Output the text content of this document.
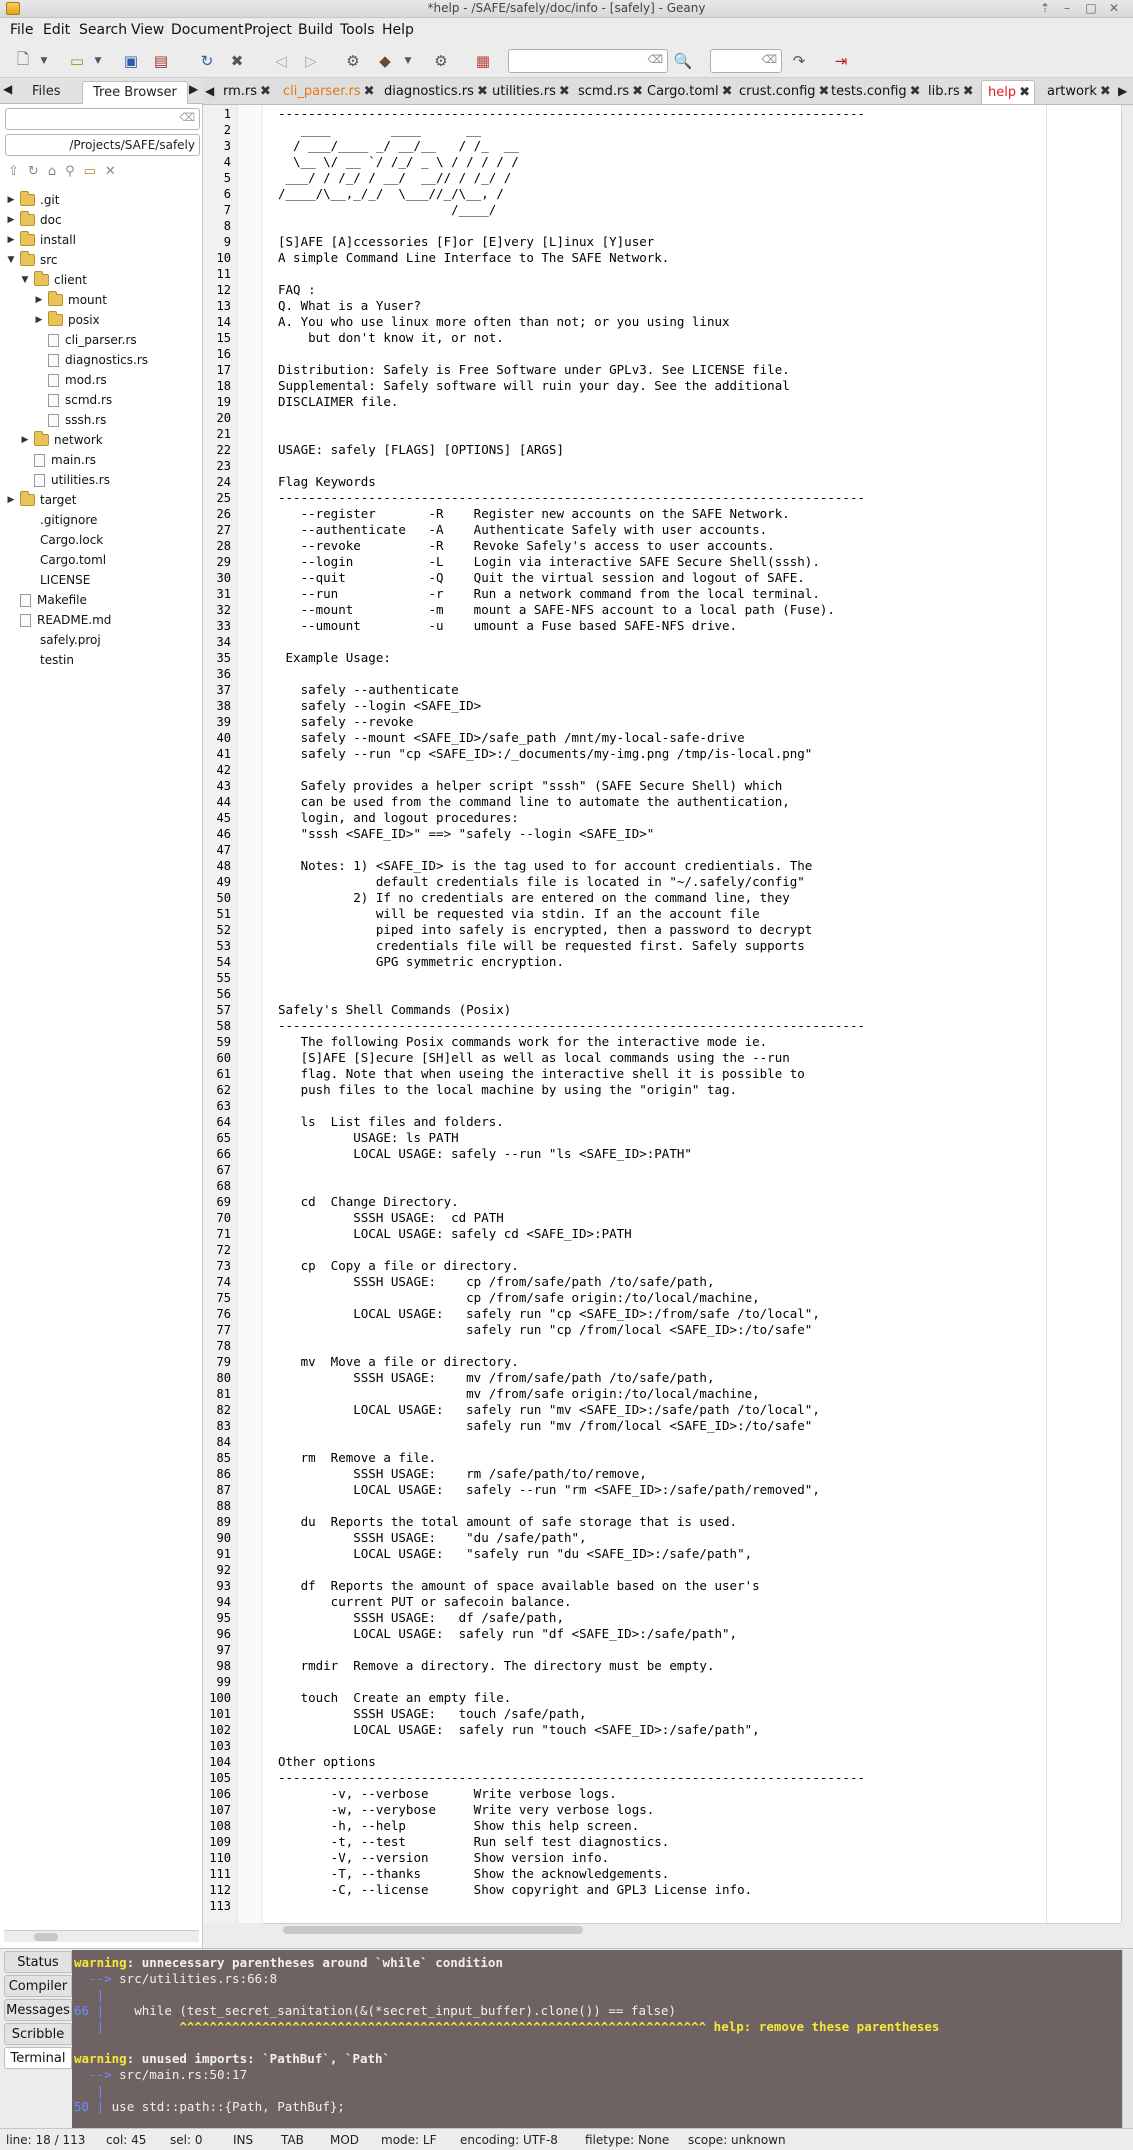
*help - /SAFE/safely/doc/info - [safely] - Geany	⇡	–	□	✕
File Edit Search View Document Project Build Tools Help
🗋	▼ ▭	▼ ▣ ▤	↻	✖	◁	▷	⚙	◆	▼ ⚙ ▦	⌫ 🔍	⌫	↷	⇥
◀	Files	Tree Browser	▶
⌫
/Projects/SAFE/safely
⇧↻⌂⚲▭✕
▶ .git
▶ doc
▶ install
▼ src
▼ client
▶ mount
▶ posix
cli_parser.rs
diagnostics.rs
mod.rs
scmd.rs
sssh.rs
▶ network
main.rs
utilities.rs
▶ target
.gitignore
Cargo.lock
Cargo.toml
LICENSE
Makefile
README.md
safely.proj
testin
◀ rm.rs ✖ cli_parser.rs ✖ diagnostics.rs ✖ utilities.rs ✖ scmd.rs ✖ Cargo.toml ✖ crust.config ✖ tests.config ✖ lib.rs ✖	help ✖	artwork ✖ ▶
1
2
3
4
5
6
7
8
9
10
11
12
13
14
15
16
17
18
19
20
21
22
23
24
25
26
27
28
29
30
31
32
33
34
35
36
37
38
39
40
41
42
43
44
45
46
47
48
49
50
51
52
53
54
55
56
57
58
59
60
61
62
63
64
65
66
67
68
69
70
71
72
73
74
75
76
77
78
79
80
81
82
83
84
85
86
87
88
89
90
91
92
93
94
95
96
97
98
99
100
101
102
103
104
105
106
107
108
109
110
111
112
113
------------------------------------------------------------------------------
____        ____      __
/ ___/____ _/ __/__   / /_  __
\__ \/ __ `/ /_/ _ \ / / / / /
___/ / /_/ / __/  __// / /_/ /
/____/\__,_/_/  \___//_/\__, /
/____/
[S]AFE [A]ccessories [F]or [E]very [L]inux [Y]user
A simple Command Line Interface to The SAFE Network.
FAQ :
Q. What is a Yuser?
A. You who use linux more often than not; or you using linux
but don't know it, or not.
Distribution: Safely is Free Software under GPLv3. See LICENSE file.
Supplemental: Safely software will ruin your day. See the additional
DISCLAIMER file.
USAGE: safely [FLAGS] [OPTIONS] [ARGS]
Flag Keywords
------------------------------------------------------------------------------
--register       -R    Register new accounts on the SAFE Network.
--authenticate   -A    Authenticate Safely with user accounts.
--revoke         -R    Revoke Safely's access to user accounts.
--login          -L    Login via interactive SAFE Secure Shell(sssh).
--quit           -Q    Quit the virtual session and logout of SAFE.
--run            -r    Run a network command from the local terminal.
--mount          -m    mount a SAFE-NFS account to a local path (Fuse).
--umount         -u    umount a Fuse based SAFE-NFS drive.
Example Usage:
safely --authenticate
safely --login <SAFE_ID>
safely --revoke
safely --mount <SAFE_ID>/safe_path /mnt/my-local-safe-drive
safely --run "cp <SAFE_ID>:/_documents/my-img.png /tmp/is-local.png"
Safely provides a helper script "sssh" (SAFE Secure Shell) which
can be used from the command line to automate the authentication,
login, and logout procedures:
"sssh <SAFE_ID>" ==> "safely --login <SAFE_ID>"
Notes: 1) <SAFE_ID> is the tag used to for account credientials. The
default credentials file is located in "~/.safely/config"
2) If no credentials are entered on the command line, they
will be requested via stdin. If an the account file
piped into safely is encrypted, then a password to decrypt
credentials file will be requested first. Safely supports
GPG symmetric encryption.
Safely's Shell Commands (Posix)
------------------------------------------------------------------------------
The following Posix commands work for the interactive mode ie.
[S]AFE [S]ecure [SH]ell as well as local commands using the --run
flag. Note that when useing the interactive shell it is possible to
push files to the local machine by using the "origin" tag.
ls  List files and folders.
USAGE: ls PATH
LOCAL USAGE: safely --run "ls <SAFE_ID>:PATH"
cd  Change Directory.
SSSH USAGE:  cd PATH
LOCAL USAGE: safely cd <SAFE_ID>:PATH
cp  Copy a file or directory.
SSSH USAGE:    cp /from/safe/path /to/safe/path,
cp /from/safe origin:/to/local/machine,
LOCAL USAGE:   safely run "cp <SAFE_ID>:/from/safe /to/local",
safely run "cp /from/local <SAFE_ID>:/to/safe"
mv  Move a file or directory.
SSSH USAGE:    mv /from/safe/path /to/safe/path,
mv /from/safe origin:/to/local/machine,
LOCAL USAGE:   safely run "mv <SAFE_ID>:/safe/path /to/local",
safely run "mv /from/local <SAFE_ID>:/to/safe"
rm  Remove a file.
SSSH USAGE:    rm /safe/path/to/remove,
LOCAL USAGE:   safely --run "rm <SAFE_ID>:/safe/path/removed",
du  Reports the total amount of safe storage that is used.
SSSH USAGE:    "du /safe/path",
LOCAL USAGE:   "safely run "du <SAFE_ID>:/safe/path",
df  Reports the amount of space available based on the user's
current PUT or safecoin balance.
SSSH USAGE:   df /safe/path,
LOCAL USAGE:  safely run "df <SAFE_ID>:/safe/path",
rmdir  Remove a directory. The directory must be empty.
touch  Create an empty file.
SSSH USAGE:   touch /safe/path,
LOCAL USAGE:  safely run "touch <SAFE_ID>:/safe/path",
Other options
------------------------------------------------------------------------------
-v, --verbose      Write verbose logs.
-w, --verybose     Write very verbose logs.
-h, --help         Show this help screen.
-t, --test         Run self test diagnostics.
-V, --version      Show version info.
-T, --thanks       Show the acknowledgements.
-C, --license      Show copyright and GPL3 License info.
Status
Compiler
Messages
Scribble
Terminal
warning: unnecessary parentheses around `while` condition
--> src/utilities.rs:66:8
|
66 |    while (test_secret_sanitation(&(*secret_input_buffer).clone()) == false)
|          ^^^^^^^^^^^^^^^^^^^^^^^^^^^^^^^^^^^^^^^^^^^^^^^^^^^^^^^^^^^^^^^^^^^^^^ help: remove these parentheses
warning: unused imports: `PathBuf`, `Path`
--> src/main.rs:50:17
|
50 | use std::path::{Path, PathBuf};
line: 18 / 113 col: 45 sel: 0	INS TAB MOD mode: LF encoding: UTF-8 filetype: None scope: unknown
